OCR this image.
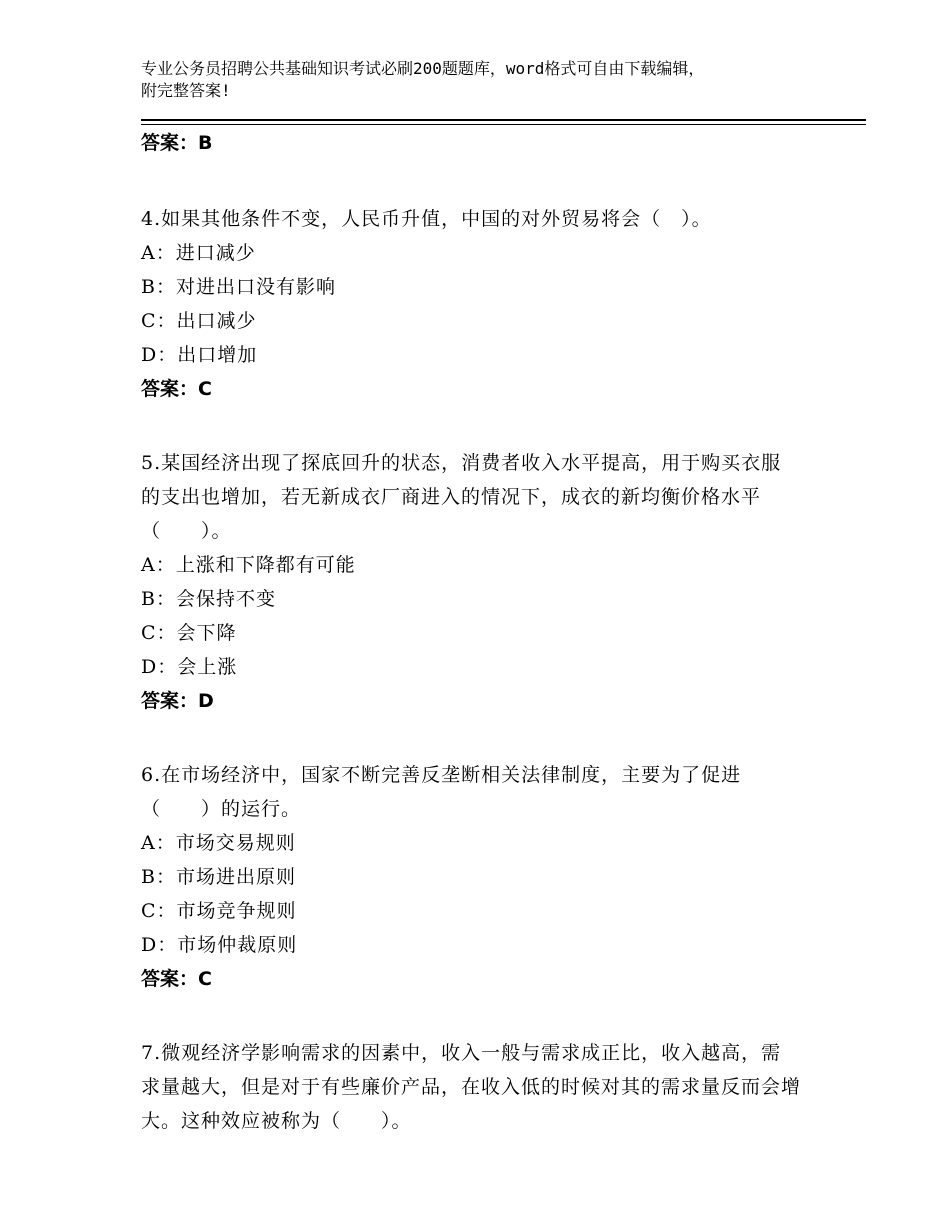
专业公务员招聘公共基础知识考试必刷200题题库，word格式可自由下载编辑，
附完整答案!
答案：B
4.如果其他条件不变，人民币升值，中国的对外贸易将会（　）。
A：进口减少
B：对进出口没有影响
C：出口减少
D：出口增加
答案：C
5.某国经济出现了探底回升的状态，消费者收入水平提高，用于购买衣服的支出也增加，若无新成衣厂商进入的情况下，成衣的新均衡价格水平（　　）。
A：上涨和下降都有可能
B：会保持不变
C：会下降
D：会上涨
答案：D
6.在市场经济中，国家不断完善反垄断相关法律制度，主要为了促进（　　）的运行。
A：市场交易规则
B：市场进出原则
C：市场竞争规则
D：市场仲裁原则
答案：C
7.微观经济学影响需求的因素中，收入一般与需求成正比，收入越高，需求量越大，但是对于有些廉价产品，在收入低的时候对其的需求量反而会增大。这种效应被称为（　　）。
